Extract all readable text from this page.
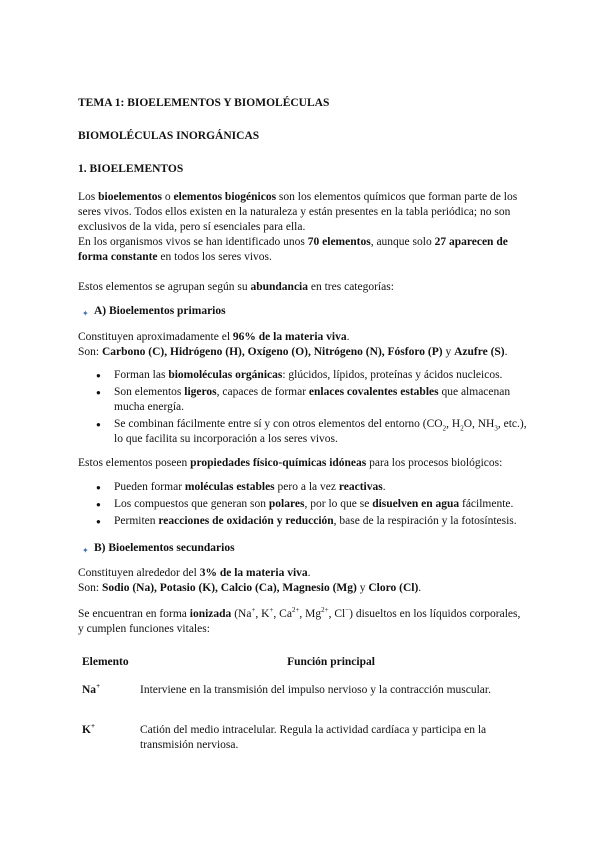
TEMA 1: BIOELEMENTOS Y BIOMOLÉCULAS

BIOMOLÉCULAS INORGÁNICAS

1. BIOELEMENTOS

Los bioelementos o elementos biogénicos son los elementos químicos que forman parte de los seres vivos. Todos ellos existen en la naturaleza y están presentes en la tabla periódica; no son exclusivos de la vida, pero sí esenciales para ella.

En los organismos vivos se han identificado unos 70 elementos, aunque solo 27 aparecen de forma constante en todos los seres vivos.

Estos elementos se agrupan según su abundancia en tres categorías:

✦ A) Bioelementos primarios

Constituyen aproximadamente el 96% de la materia viva.

Son: Carbono (C), Hidrógeno (H), Oxígeno (O), Nitrógeno (N), Fósforo (P) y Azufre (S).

● Forman las biomoléculas orgánicas: glúcidos, lípidos, proteínas y ácidos nucleicos.
● Son elementos ligeros, capaces de formar enlaces covalentes estables que almacenan mucha energía.
● Se combinan fácilmente entre sí y con otros elementos del entorno ($CO_2$, $H_2O$, $NH_3$, etc.), lo que facilita su incorporación a los seres vivos.

Estos elementos poseen propiedades físico-químicas idóneas para los procesos biológicos:

● Pueden formar moléculas estables pero a la vez reactivas.
● Los compuestos que generan son polares, por lo que se disuelven en agua fácilmente.
● Permiten reacciones de oxidación y reducción, base de la respiración y la fotosíntesis.
✦ B) Bioelementos secundarios

Constituyen alrededor del 3% de la materia viva.

Son: Sodio (Na), Potasio (K), Calcio (Ca), Magnesio (Mg) y Cloro (Cl).

Se encuentran en forma ionizada (Na+, K+, $Ca^{2+}$, $Mg^{2+}$, Cl−) disueltos en los líquidos corporales, y cumplen funciones vitales:

Elemento	Función principal
Na+	Interviene en la transmisión del impulso nervioso y la contracción muscular.
K+	Catión del medio intracelular. Regula la actividad cardíaca y participa en la transmisión nerviosa.
